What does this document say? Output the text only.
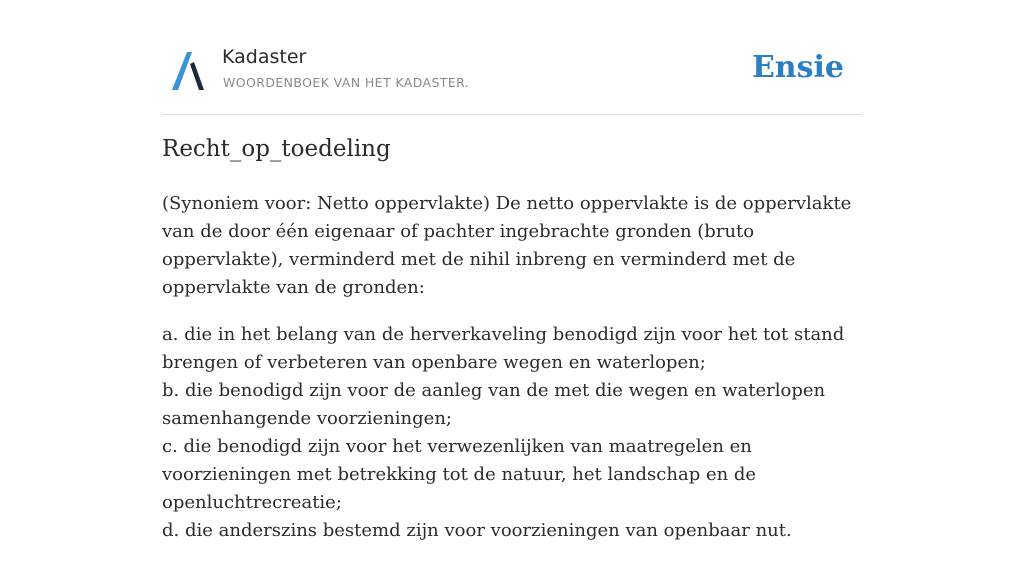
Kadaster
WOORDENBOEK VAN HET KADASTER.	Ensie
Recht_op_toedeling

(Synoniem voor: Netto oppervlakte) De netto oppervlakte is de oppervlakte van de door één eigenaar of pachter ingebrachte gronden (bruto oppervlakte), verminderd met de nihil inbreng en verminderd met de oppervlakte van de gronden:

a. die in het belang van de herverkaveling benodigd zijn voor het tot stand brengen of verbeteren van openbare wegen en waterlopen;
b. die benodigd zijn voor de aanleg van de met die wegen en waterlopen samenhangende voorzieningen;
c. die benodigd zijn voor het verwezenlijken van maatregelen en voorzieningen met betrekking tot de natuur, het landschap en de openluchtrecreatie;
d. die anderszins bestemd zijn voor voorzieningen van openbaar nut.
